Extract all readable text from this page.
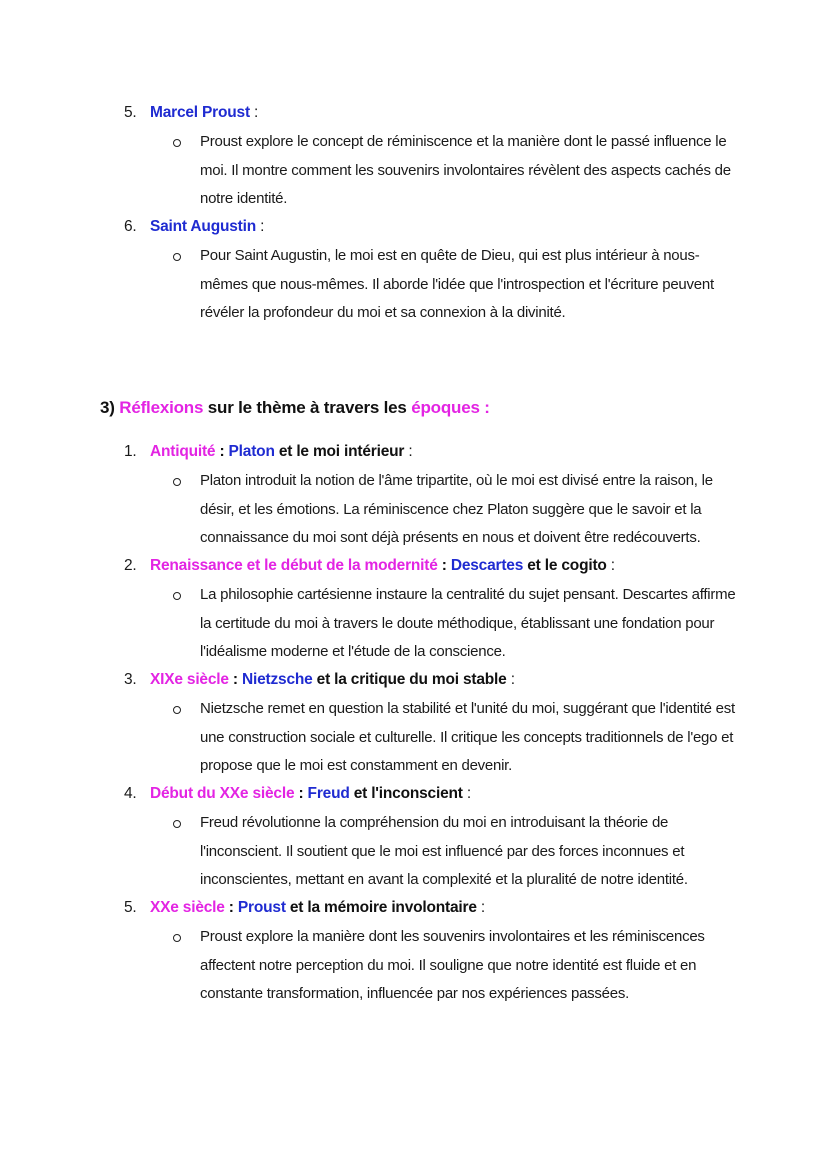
5. Marcel Proust :
Proust explore le concept de réminiscence et la manière dont le passé influence le moi. Il montre comment les souvenirs involontaires révèlent des aspects cachés de notre identité.
6. Saint Augustin :
Pour Saint Augustin, le moi est en quête de Dieu, qui est plus intérieur à nous-mêmes que nous-mêmes. Il aborde l'idée que l'introspection et l'écriture peuvent révéler la profondeur du moi et sa connexion à la divinité.
3) Réflexions sur le thème à travers les époques :
1. Antiquité : Platon et le moi intérieur :
Platon introduit la notion de l'âme tripartite, où le moi est divisé entre la raison, le désir, et les émotions. La réminiscence chez Platon suggère que le savoir et la connaissance du moi sont déjà présents en nous et doivent être redécouverts.
2. Renaissance et le début de la modernité : Descartes et le cogito :
La philosophie cartésienne instaure la centralité du sujet pensant. Descartes affirme la certitude du moi à travers le doute méthodique, établissant une fondation pour l'idéalisme moderne et l'étude de la conscience.
3. XIXe siècle : Nietzsche et la critique du moi stable :
Nietzsche remet en question la stabilité et l'unité du moi, suggérant que l'identité est une construction sociale et culturelle. Il critique les concepts traditionnels de l'ego et propose que le moi est constamment en devenir.
4. Début du XXe siècle : Freud et l'inconscient :
Freud révolutionne la compréhension du moi en introduisant la théorie de l'inconscient. Il soutient que le moi est influencé par des forces inconnues et inconscientes, mettant en avant la complexité et la pluralité de notre identité.
5. XXe siècle : Proust et la mémoire involontaire :
Proust explore la manière dont les souvenirs involontaires et les réminiscences affectent notre perception du moi. Il souligne que notre identité est fluide et en constante transformation, influencée par nos expériences passées.
